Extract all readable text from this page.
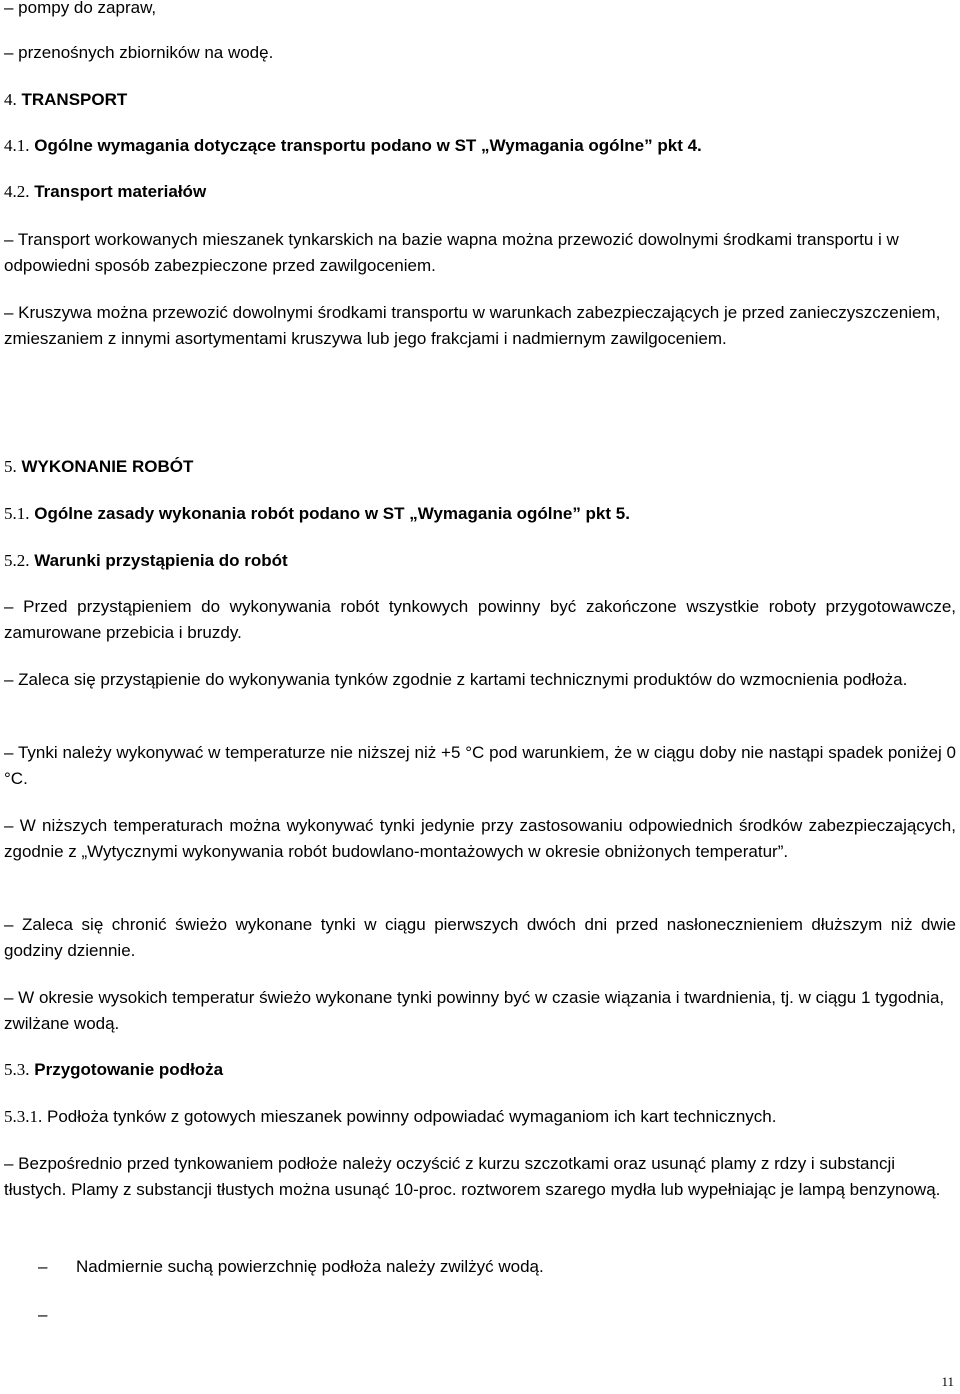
– pompy do zapraw,

– przenośnych zbiorników na wodę.

4. TRANSPORT

4.1. Ogólne wymagania dotyczące transportu podano w ST „Wymagania ogólne” pkt 4.

4.2. Transport materiałów

– Transport workowanych mieszanek tynkarskich na bazie wapna można przewozić dowolnymi środkami transportu i w odpowiedni sposób zabezpieczone przed zawilgoceniem.

– Kruszywa można przewozić dowolnymi środkami transportu w warunkach zabezpieczających je przed zanieczyszczeniem, zmieszaniem z innymi asortymentami kruszywa lub jego frakcjami i nadmiernym zawilgoceniem.

5. WYKONANIE ROBÓT

5.1. Ogólne zasady wykonania robót podano w ST „Wymagania ogólne” pkt 5.

5.2. Warunki przystąpienia do robót

– Przed przystąpieniem do wykonywania robót tynkowych powinny być zakończone wszystkie roboty przygotowawcze, zamurowane przebicia i bruzdy.

– Zaleca się przystąpienie do wykonywania tynków zgodnie z kartami technicznymi produktów do wzmocnienia podłoża.

– Tynki należy wykonywać w temperaturze nie niższej niż +5 °C pod warunkiem, że w ciągu doby nie nastąpi spadek poniżej 0 °C.

– W niższych temperaturach można wykonywać tynki jedynie przy zastosowaniu odpowiednich środków zabezpieczających, zgodnie z „Wytycznymi wykonywania robót budowlano-montażowych w okresie obniżonych temperatur”.

– Zaleca się chronić świeżo wykonane tynki w ciągu pierwszych dwóch dni przed nasłonecznieniem dłuższym niż dwie godziny dziennie.

– W okresie wysokich temperatur świeżo wykonane tynki powinny być w czasie wiązania i twardnienia, tj. w ciągu 1 tygodnia, zwilżane wodą.

5.3. Przygotowanie podłoża

5.3.1. Podłoża tynków z gotowych mieszanek powinny odpowiadać wymaganiom ich kart technicznych.

– Bezpośrednio przed tynkowaniem podłoże należy oczyścić z kurzu szczotkami oraz usunąć plamy z rdzy i substancji tłustych. Plamy z substancji tłustych można usunąć 10-proc. roztworem szarego mydła lub wypełniając je lampą benzynową.

– Nadmiernie suchą powierzchnię podłoża należy zwilżyć wodą.
–
11
